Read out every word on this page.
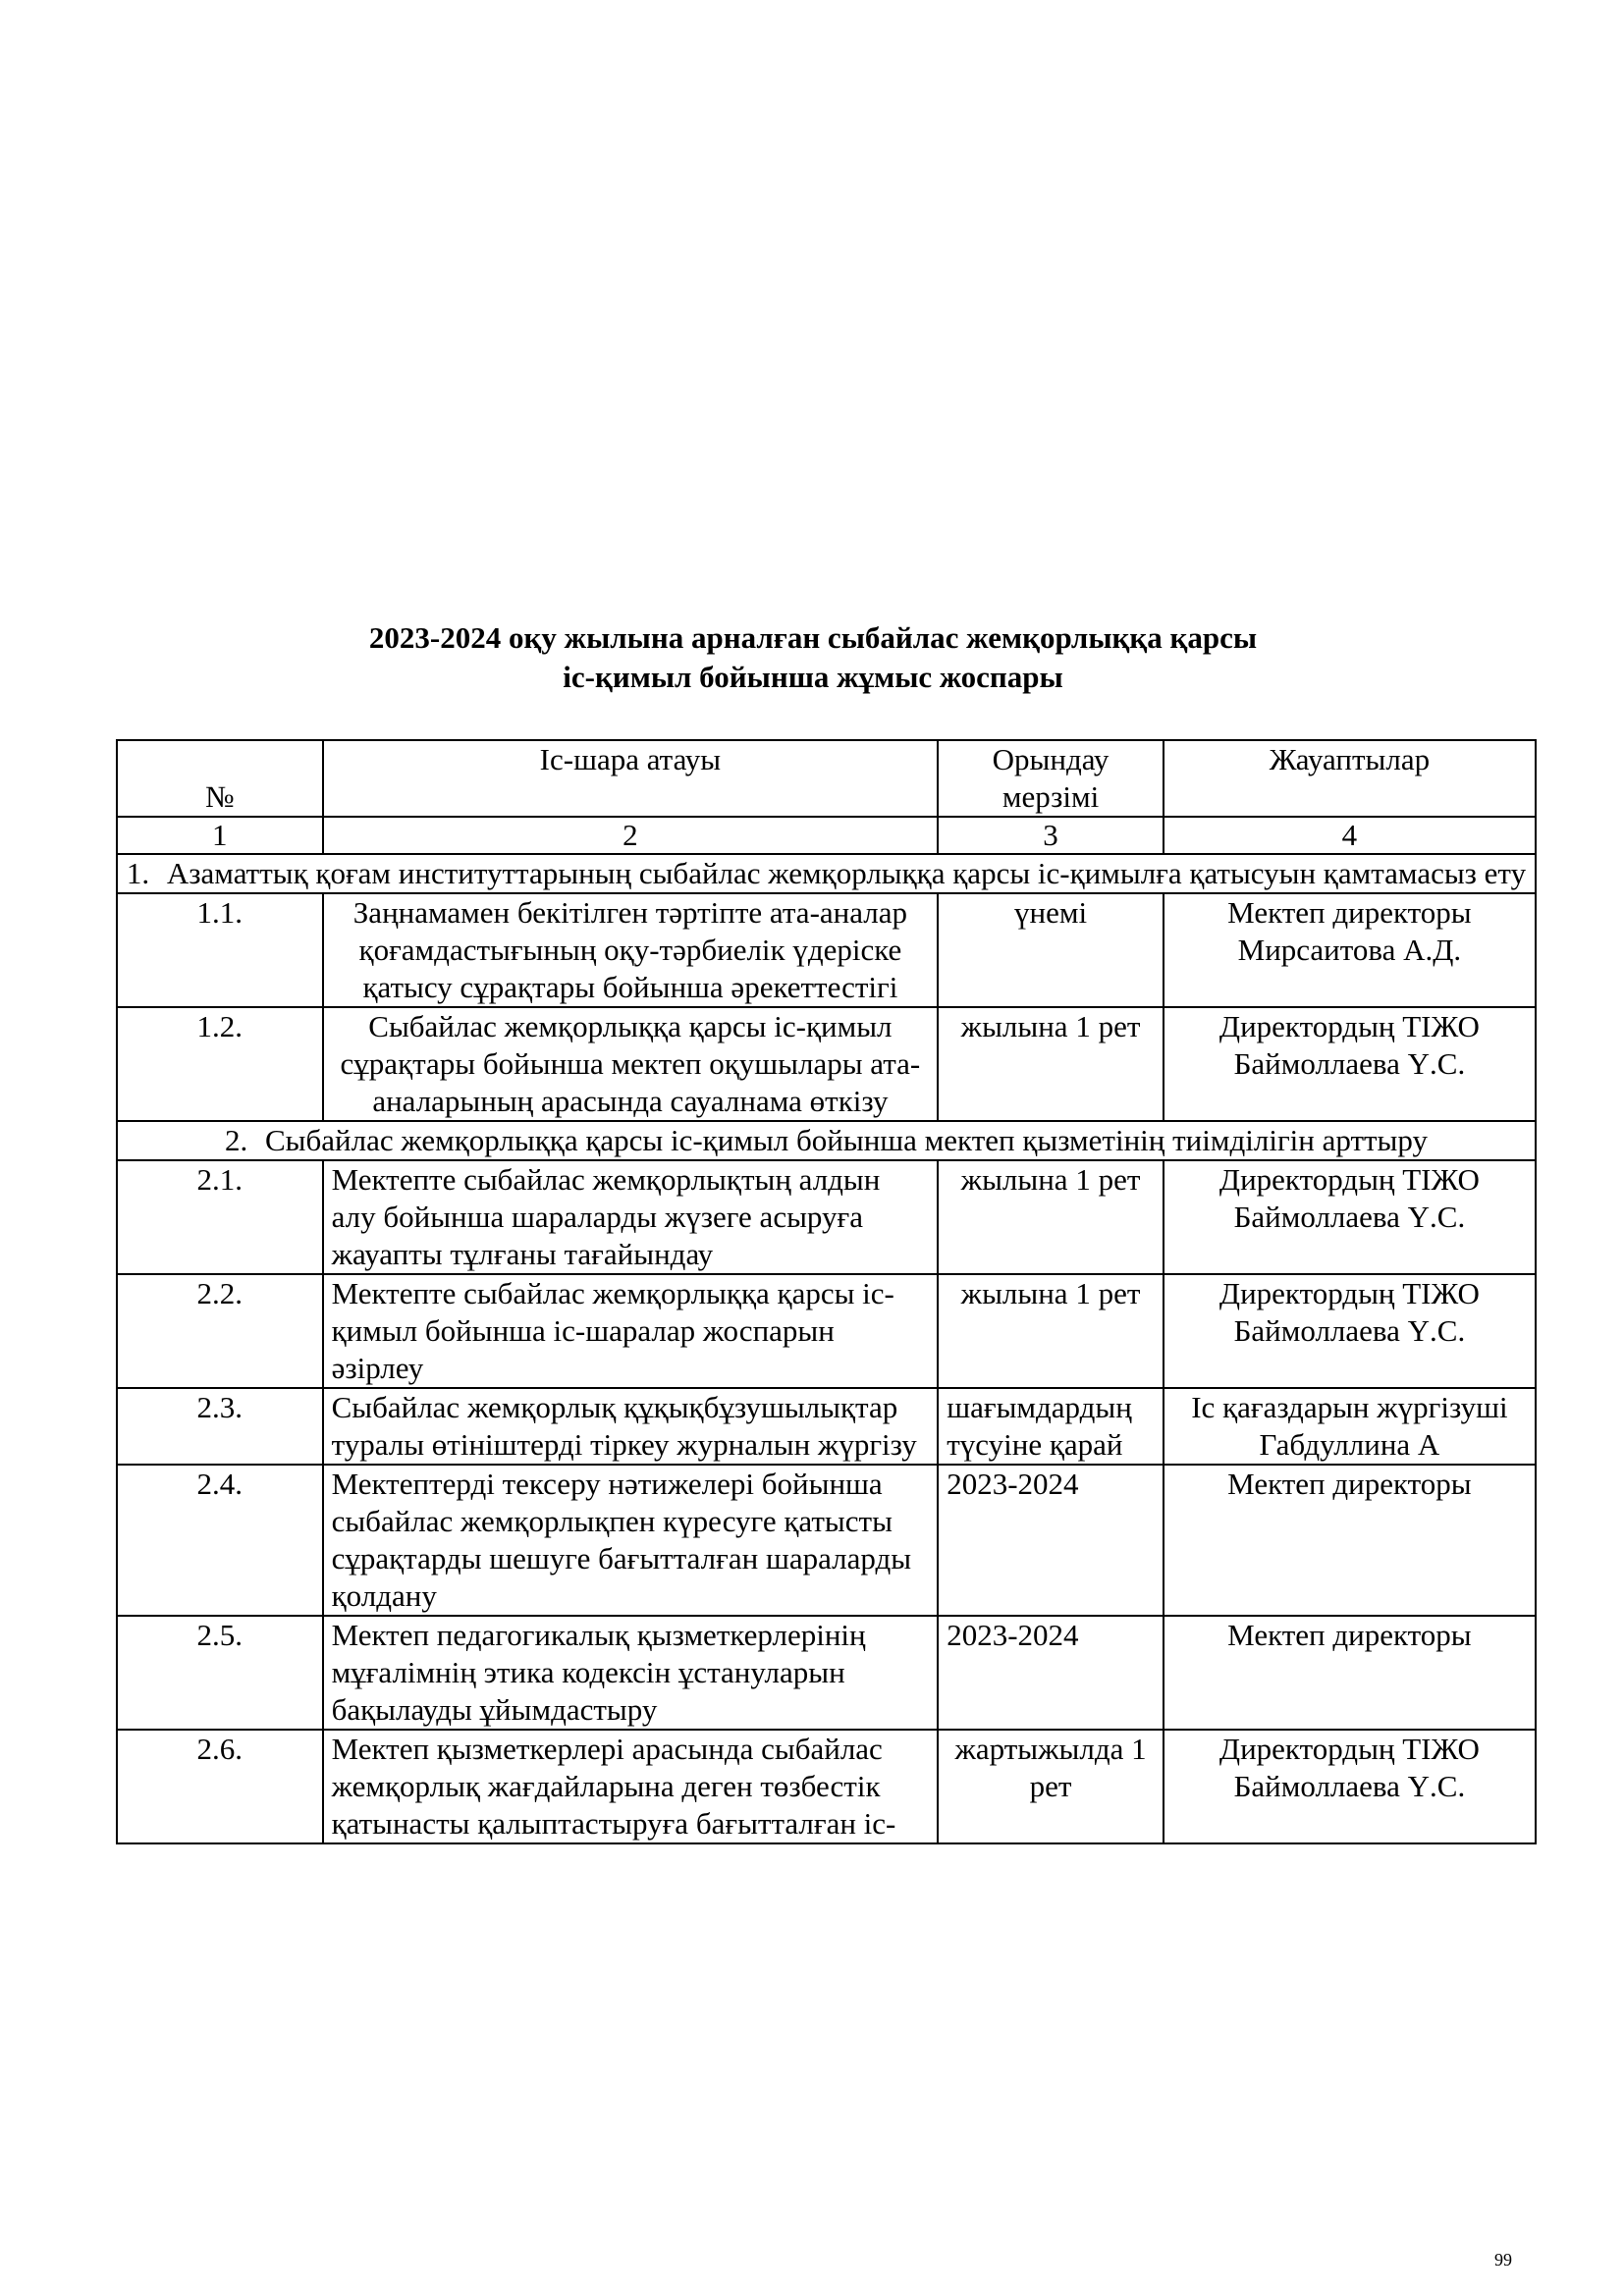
2023-2024 оқу жылына арналған сыбайлас жемқорлыққа қарсы
іс-қимыл бойынша жұмыс жоспары
№	Іс-шара атауы	Орындау мерзімі	Жауаптылар
1	2	3	4
1. Азаматтық қоғам институттарының сыбайлас жемқорлыққа қарсы іс-қимылға қатысуын қамтамасыз ету			
1.1.	Заңнамамен бекітілген тәртіпте ата-аналар қоғамдастығының оқу-тәрбиелік үдеріске қатысу сұрақтары бойынша әрекеттестігі	үнемі	Мектеп директоры Мирсаитова А.Д.
1.2.	Сыбайлас жемқорлыққа қарсы іс-қимыл сұрақтары бойынша мектеп оқушылары ата-аналарының арасында сауалнама өткізу	жылына 1 рет	Директордың ТІЖО Баймоллаева Ү.С.
2. Сыбайлас жемқорлыққа қарсы іс-қимыл бойынша мектеп қызметінің тиімділігін арттыру			
2.1.	Мектепте сыбайлас жемқорлықтың алдын алу бойынша шараларды жүзеге асыруға жауапты тұлғаны тағайындау	жылына 1 рет	Директордың ТІЖО Баймоллаева Ү.С.
2.2.	Мектепте сыбайлас жемқорлыққа қарсы іс-қимыл бойынша іс-шаралар жоспарын әзірлеу	жылына 1 рет	Директордың ТІЖО Баймоллаева Ү.С.
2.3.	Сыбайлас жемқорлық құқықбұзушылықтар туралы өтініштерді тіркеу журналын жүргізу	шағымдардың түсуіне қарай	Іс қағаздарын жүргізуші Габдуллина А
2.4.	Мектептерді тексеру нәтижелері бойынша сыбайлас жемқорлықпен күресуге қатысты сұрақтарды шешуге бағытталған шараларды қолдану	2023-2024	Мектеп директоры
2.5.	Мектеп педагогикалық қызметкерлерінің мұғалімнің этика кодексін ұстануларын бақылауды ұйымдастыру	2023-2024	Мектеп директоры
2.6.	Мектеп қызметкерлері арасында сыбайлас жемқорлық жағдайларына деген төзбестік қатынасты қалыптастыруға бағытталған іс-	жартыжылда 1 рет	Директордың ТІЖО Баймоллаева Ү.С.
99
